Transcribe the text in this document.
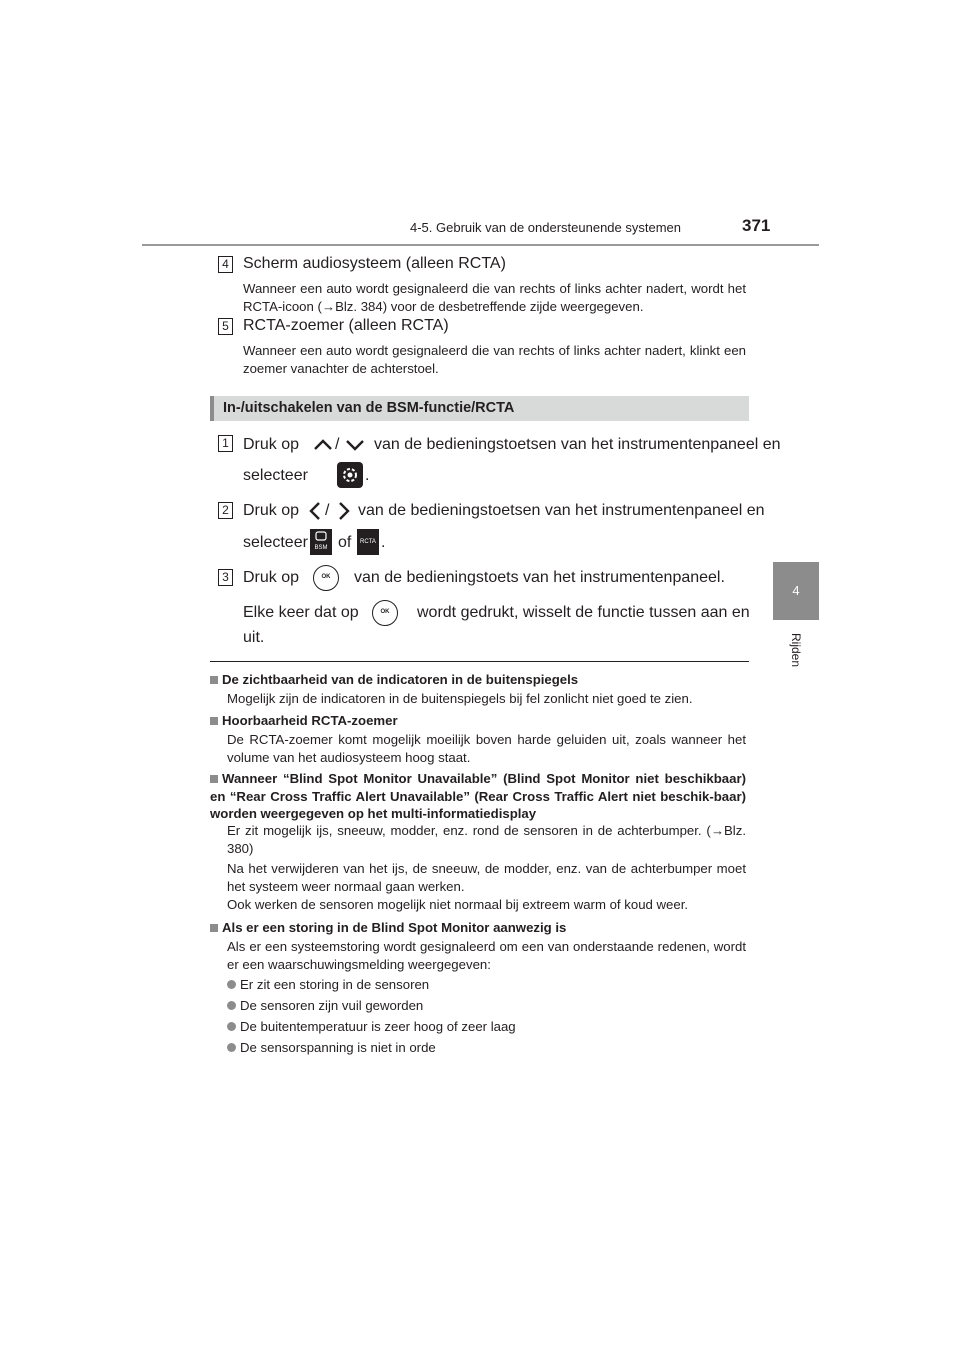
4-5. Gebruik van de ondersteunende systemen	371
4
Rijden
4 Scherm audiosysteem (alleen RCTA)
Wanneer een auto wordt gesignaleerd die van rechts of links achter nadert, wordt het RCTA-icoon (→Blz. 384) voor de desbetreffende zijde weergegeven.
5 RCTA-zoemer (alleen RCTA)
Wanneer een auto wordt gesignaleerd die van rechts of links achter nadert, klinkt een zoemer vanachter de achterstoel.
In-/uitschakelen van de BSM-functie/RCTA
1 Druk op / van de bedieningstoetsen van het instrumentenpaneel en
selecteer	.
2 Druk op / van de bedieningstoetsen van het instrumentenpaneel en
selecteer	BSM of	RCTA .
3 Druk op	OK	van de bedieningstoets van het instrumentenpaneel.
Elke keer dat op	OK	wordt gedrukt, wisselt de functie tussen aan en
uit.
De zichtbaarheid van de indicatoren in de buitenspiegels
Mogelijk zijn de indicatoren in de buitenspiegels bij fel zonlicht niet goed te zien.
Hoorbaarheid RCTA-zoemer
De RCTA-zoemer komt mogelijk moeilijk boven harde geluiden uit, zoals wanneer het volume van het audiosysteem hoog staat.
Wanneer “Blind Spot Monitor Unavailable” (Blind Spot Monitor niet beschikbaar) en “Rear Cross Traffic Alert Unavailable” (Rear Cross Traffic Alert niet beschik-baar) worden weergegeven op het multi-informatiedisplay
Er zit mogelijk ijs, sneeuw, modder, enz. rond de sensoren in de achterbumper. (→Blz. 380)
Na het verwijderen van het ijs, de sneeuw, de modder, enz. van de achterbumper moet het systeem weer normaal gaan werken.
Ook werken de sensoren mogelijk niet normaal bij extreem warm of koud weer.
Als er een storing in de Blind Spot Monitor aanwezig is
Als er een systeemstoring wordt gesignaleerd om een van onderstaande redenen, wordt er een waarschuwingsmelding weergegeven:
Er zit een storing in de sensoren
De sensoren zijn vuil geworden
De buitentemperatuur is zeer hoog of zeer laag
De sensorspanning is niet in orde
